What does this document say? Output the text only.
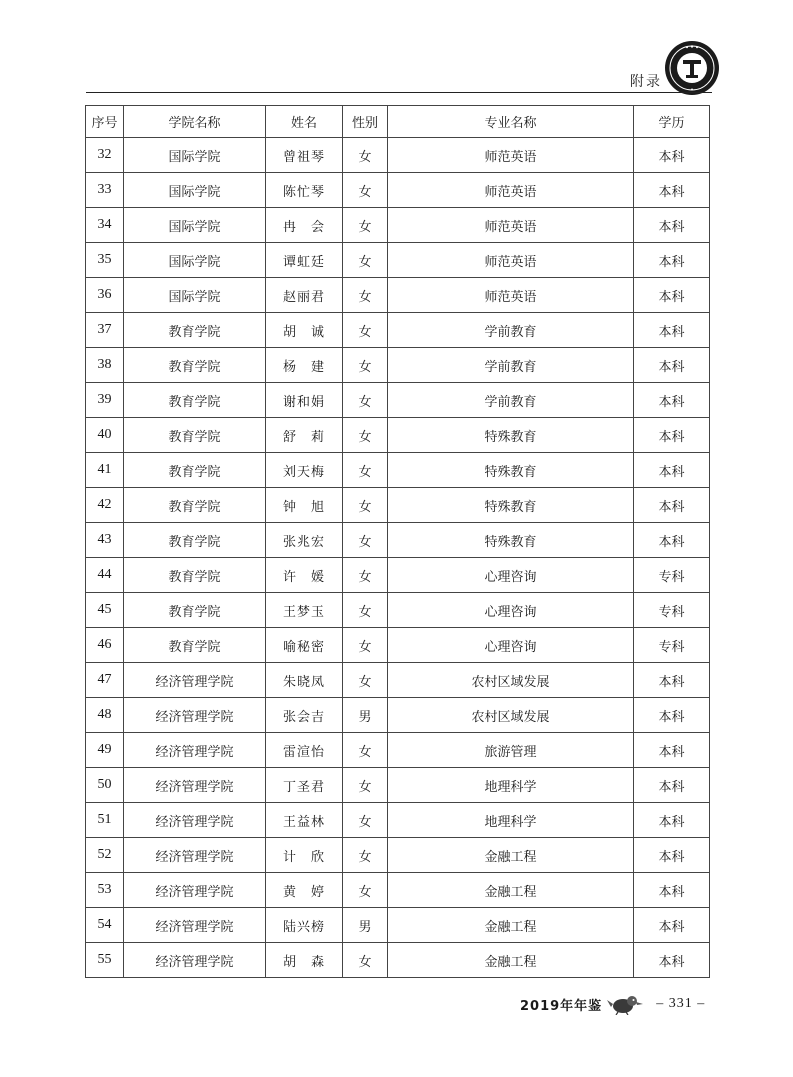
附录
序号	学院名称	姓名	性别	专业名称	学历
32	国际学院	曾祖琴	女	师范英语	本科
33	国际学院	陈忙琴	女	师范英语	本科
34	国际学院	冉　会	女	师范英语	本科
35	国际学院	谭虹廷	女	师范英语	本科
36	国际学院	赵丽君	女	师范英语	本科
37	教育学院	胡　诚	女	学前教育	本科
38	教育学院	杨　建	女	学前教育	本科
39	教育学院	谢和娟	女	学前教育	本科
40	教育学院	舒　莉	女	特殊教育	本科
41	教育学院	刘天梅	女	特殊教育	本科
42	教育学院	钟　旭	女	特殊教育	本科
43	教育学院	张兆宏	女	特殊教育	本科
44	教育学院	许　媛	女	心理咨询	专科
45	教育学院	王梦玉	女	心理咨询	专科
46	教育学院	喻秘密	女	心理咨询	专科
47	经济管理学院	朱晓凤	女	农村区域发展	本科
48	经济管理学院	张会吉	男	农村区域发展	本科
49	经济管理学院	雷渲怡	女	旅游管理	本科
50	经济管理学院	丁圣君	女	地理科学	本科
51	经济管理学院	王益林	女	地理科学	本科
52	经济管理学院	计　欣	女	金融工程	本科
53	经济管理学院	黄　婷	女	金融工程	本科
54	经济管理学院	陆兴榜	男	金融工程	本科
55	经济管理学院	胡　森	女	金融工程	本科
2019年年鉴	– 331 –
